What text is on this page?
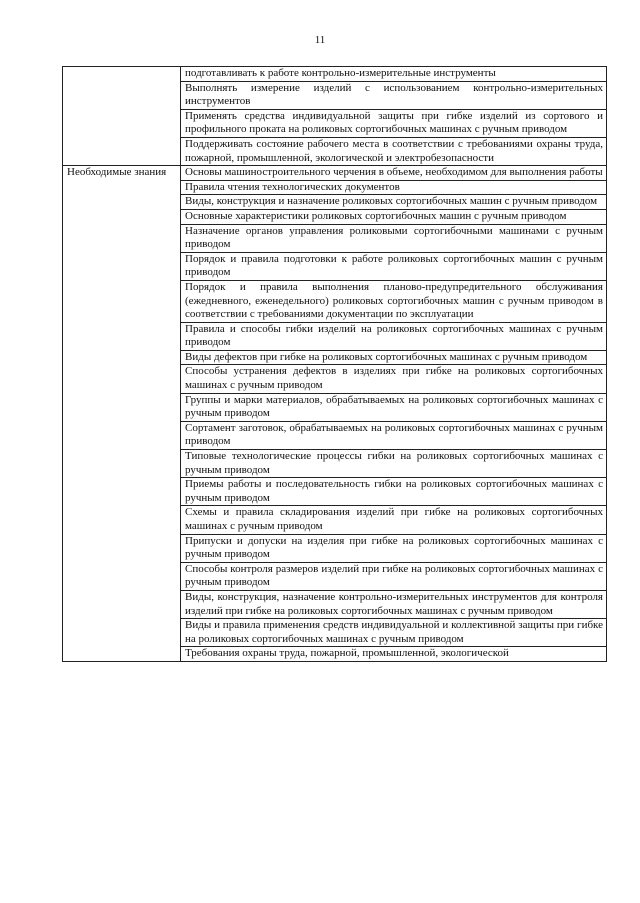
11
	подготавливать к работе контрольно-измерительные инструменты
	Выполнять измерение изделий с использованием контрольно-измерительных инструментов
	Применять средства индивидуальной защиты при гибке изделий из сортового и профильного проката на роликовых сортогибочных машинах с ручным приводом
	Поддерживать состояние рабочего места в соответствии с требованиями охраны труда, пожарной, промышленной, экологической и электробезопасности
Необходимые знания	Основы машиностроительного черчения в объеме, необходимом для выполнения работы
	Правила чтения технологических документов
	Виды, конструкция и назначение роликовых сортогибочных машин с ручным приводом
	Основные характеристики роликовых сортогибочных машин с ручным приводом
	Назначение органов управления роликовыми сортогибочными машинами с ручным приводом
	Порядок и правила подготовки к работе роликовых сортогибочных машин с ручным приводом
	Порядок и правила выполнения планово-предупредительного обслуживания (ежедневного, еженедельного) роликовых сортогибочных машин с ручным приводом в соответствии с требованиями документации по эксплуатации
	Правила и способы гибки изделий на роликовых сортогибочных машинах с ручным приводом
	Виды дефектов при гибке на роликовых сортогибочных машинах с ручным приводом
	Способы устранения дефектов в изделиях при гибке на роликовых сортогибочных машинах с ручным приводом
	Группы и марки материалов, обрабатываемых на роликовых сортогибочных машинах с ручным приводом
	Сортамент заготовок, обрабатываемых на роликовых сортогибочных машинах с ручным приводом
	Типовые технологические процессы гибки на роликовых сортогибочных машинах с ручным приводом
	Приемы работы и последовательность гибки на роликовых сортогибочных машинах с ручным приводом
	Схемы и правила складирования изделий при гибке на роликовых сортогибочных машинах с ручным приводом
	Припуски и допуски на изделия при гибке на роликовых сортогибочных машинах с ручным приводом
	Способы контроля размеров изделий при гибке на роликовых сортогибочных машинах с ручным приводом
	Виды, конструкция, назначение контрольно-измерительных инструментов для контроля изделий при гибке на роликовых сортогибочных машинах с ручным приводом
	Виды и правила применения средств индивидуальной и коллективной защиты при гибке на роликовых сортогибочных машинах с ручным приводом
	Требования охраны труда, пожарной, промышленной, экологической
